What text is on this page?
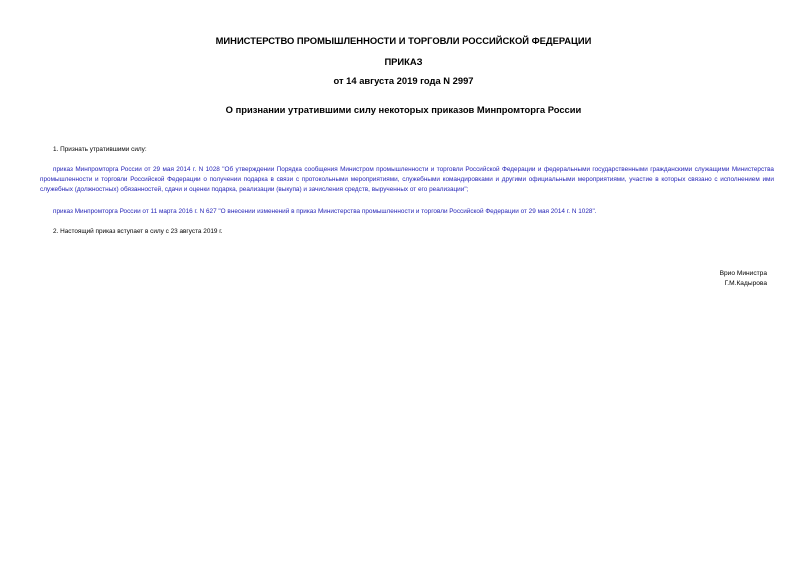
МИНИСТЕРСТВО ПРОМЫШЛЕННОСТИ И ТОРГОВЛИ РОССИЙСКОЙ ФЕДЕРАЦИИ
ПРИКАЗ
от 14 августа 2019 года N 2997
О признании утратившими силу некоторых приказов Минпромторга России
1. Признать утратившими силу:
приказ Минпромторга России от 29 мая 2014 г. N 1028 "Об утверждении Порядка сообщения Министром промышленности и торговли Российской Федерации и федеральными государственными гражданскими служащими Министерства промышленности и торговли Российской Федерации о получении подарка в связи с протокольными мероприятиями, служебными командировками и другими официальными мероприятиями, участие в которых связано с исполнением ими служебных (должностных) обязанностей, сдачи и оценки подарка, реализации (выкупа) и зачисления средств, вырученных от его реализации";
приказ Минпромторга России от 11 марта 2016 г. N 627 "О внесении изменений в приказ Министерства промышленности и торговли Российской Федерации от 29 мая 2014 г. N 1028".
2. Настоящий приказ вступает в силу с 23 августа 2019 г.
Врио Министра
Г.М.Кадырова
